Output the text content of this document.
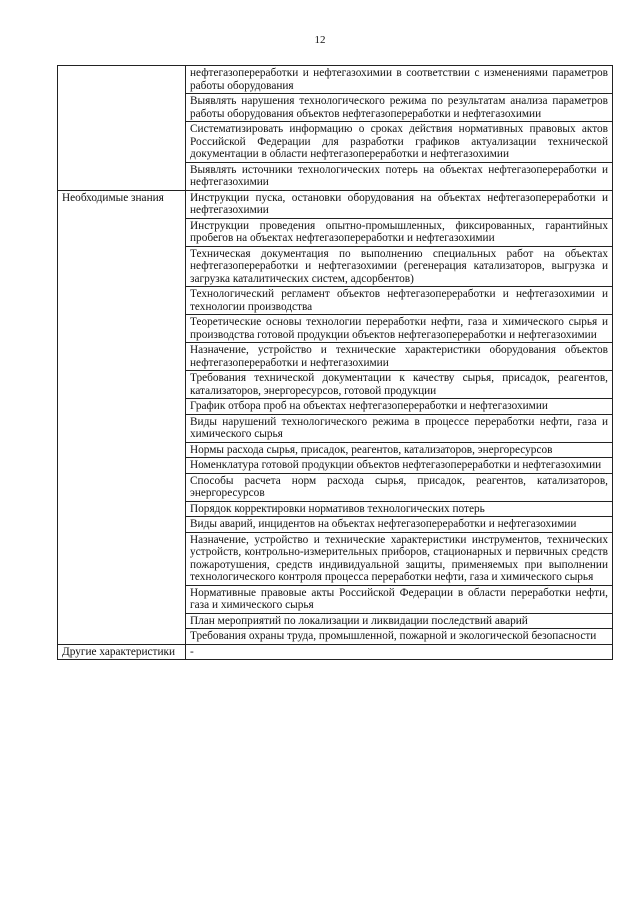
12
	нефтегазопереработки и нефтегазохимии в соответствии с изменениями параметров работы оборудования
	Выявлять нарушения технологического режима по результатам анализа параметров работы оборудования объектов нефтегазопереработки и нефтегазохимии
	Систематизировать информацию о сроках действия нормативных правовых актов Российской Федерации для разработки графиков актуализации технической документации в области нефтегазопереработки и нефтегазохимии
	Выявлять источники технологических потерь на объектах нефтегазопереработки и нефтегазохимии
Необходимые знания	Инструкции пуска, остановки оборудования на объектах нефтегазопереработки и нефтегазохимии
	Инструкции проведения опытно-промышленных, фиксированных, гарантийных пробегов на объектах нефтегазопереработки и нефтегазохимии
	Техническая документация по выполнению специальных работ на объектах нефтегазопереработки и нефтегазохимии (регенерация катализаторов, выгрузка и загрузка каталитических систем, адсорбентов)
	Технологический регламент объектов нефтегазопереработки и нефтегазохимии и технологии производства
	Теоретические основы технологии переработки нефти, газа и химического сырья и производства готовой продукции объектов нефтегазопереработки и нефтегазохимии
	Назначение, устройство и технические характеристики оборудования объектов нефтегазопереработки и нефтегазохимии
	Требования технической документации к качеству сырья, присадок, реагентов, катализаторов, энергоресурсов, готовой продукции
	График отбора проб на объектах нефтегазопереработки и нефтегазохимии
	Виды нарушений технологического режима в процессе переработки нефти, газа и химического сырья
	Нормы расхода сырья, присадок, реагентов, катализаторов, энергоресурсов
	Номенклатура готовой продукции объектов нефтегазопереработки и нефтегазохимии
	Способы расчета норм расхода сырья, присадок, реагентов, катализаторов, энергоресурсов
	Порядок корректировки нормативов технологических потерь
	Виды аварий, инцидентов на объектах нефтегазопереработки и нефтегазохимии
	Назначение, устройство и технические характеристики инструментов, технических устройств, контрольно-измерительных приборов, стационарных и первичных средств пожаротушения, средств индивидуальной защиты, применяемых при выполнении технологического контроля процесса переработки нефти, газа и химического сырья
	Нормативные правовые акты Российской Федерации в области переработки нефти, газа и химического сырья
	План мероприятий по локализации и ликвидации последствий аварий
	Требования охраны труда, промышленной, пожарной и экологической безопасности
Другие характеристики	-
